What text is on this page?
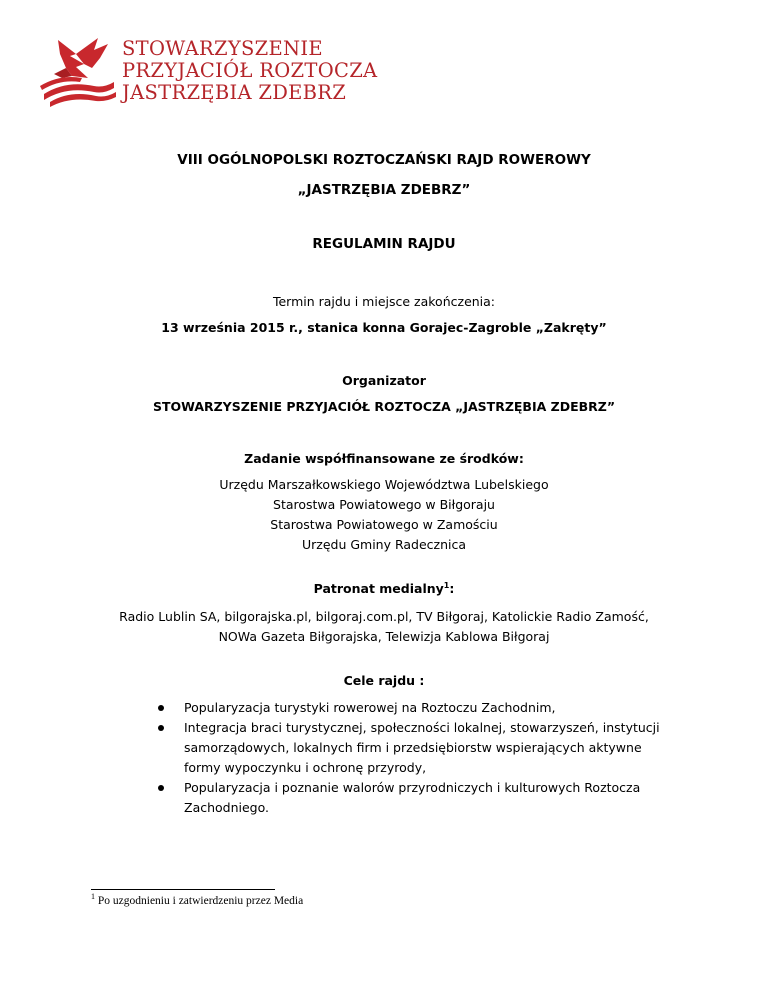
STOWARZYSZENIE
PRZYJACIÓŁ ROZTOCZA
JASTRZĘBIA ZDEBRZ
VIII OGÓLNOPOLSKI ROZTOCZAŃSKI RAJD ROWEROWY
„JASTRZĘBIA ZDEBRZ”
REGULAMIN RAJDU
Termin rajdu i miejsce zakończenia:
13 września 2015 r., stanica konna Gorajec-Zagroble „Zakręty”
Organizator
STOWARZYSZENIE PRZYJACIÓŁ ROZTOCZA „JASTRZĘBIA ZDEBRZ”
Zadanie współfinansowane ze środków:
Urzędu Marszałkowskiego Województwa Lubelskiego
Starostwa Powiatowego w Biłgoraju
Starostwa Powiatowego w Zamościu
Urzędu Gminy Radecznica
Patronat medialny$^1$:
Radio Lublin SA, bilgorajska.pl, bilgoraj.com.pl, TV Biłgoraj, Katolickie Radio Zamość,
NOWa Gazeta Biłgorajska, Telewizja Kablowa Biłgoraj
Cele rajdu :
Popularyzacja turystyki rowerowej na Roztoczu Zachodnim,
Integracja braci turystycznej, społeczności lokalnej, stowarzyszeń, instytucji samorządowych, lokalnych firm i przedsiębiorstw wspierających aktywne formy wypoczynku i ochronę przyrody,
Popularyzacja i poznanie walorów przyrodniczych i kulturowych Roztocza Zachodniego.
$^1$ Po uzgodnieniu i zatwierdzeniu przez Media
